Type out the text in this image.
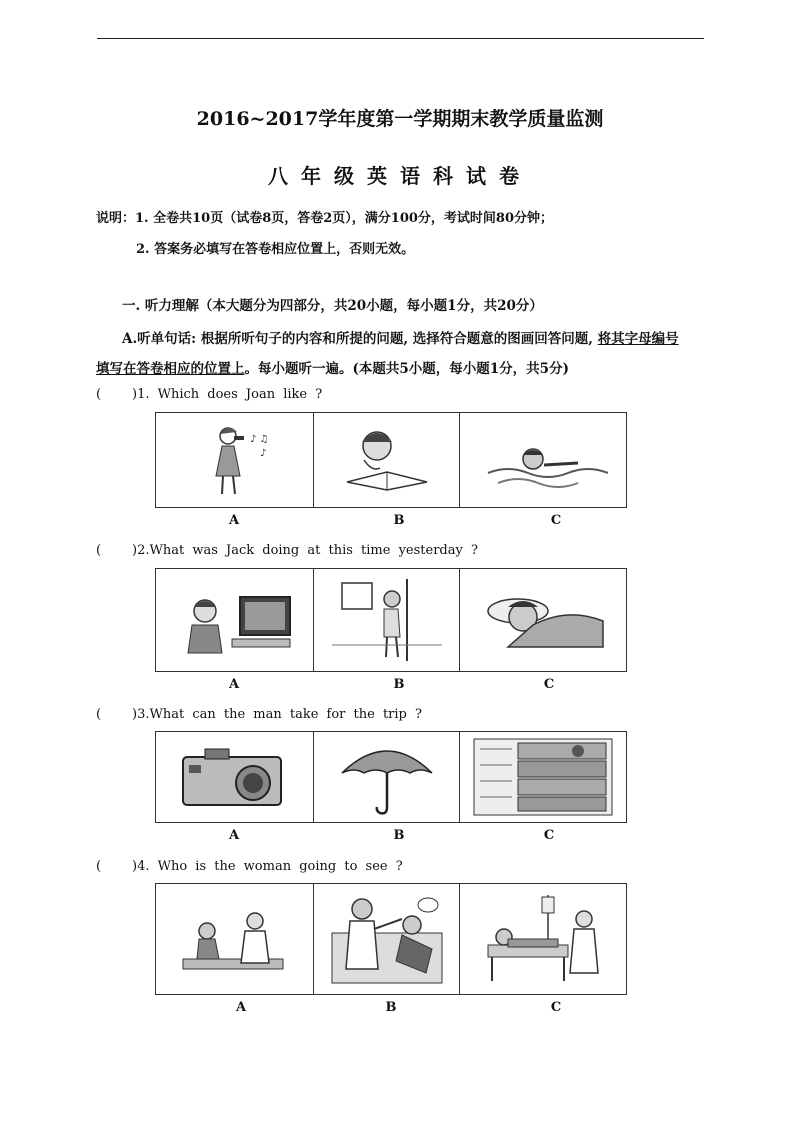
2016~2017学年度第一学期期末教学质量监测
八年级英语科试卷
说明：1. 全卷共10页（试卷8页，答卷2页），满分100分，考试时间80分钟；
2. 答案务必填写在答卷相应位置上，否则无效。
一. 听力理解（本大题分为四部分，共20小题，每小题1分，共20分）
A.听单句话: 根据所听句子的内容和所提的问题, 选择符合题意的图画回答问题, 将其字母编号
填写在答卷相应的位置上。每小题听一遍。(本题共5小题，每小题1分，共5分)
( )1. Which does Joan like ?
♪ ♫
♪

A	B	C
( )2.What was Jack doing at this time yesterday ?

A	B	C
( )3.What can the man take for the trip ?

A	B	C
( )4. Who is the woman going to see ?

A	B	C
